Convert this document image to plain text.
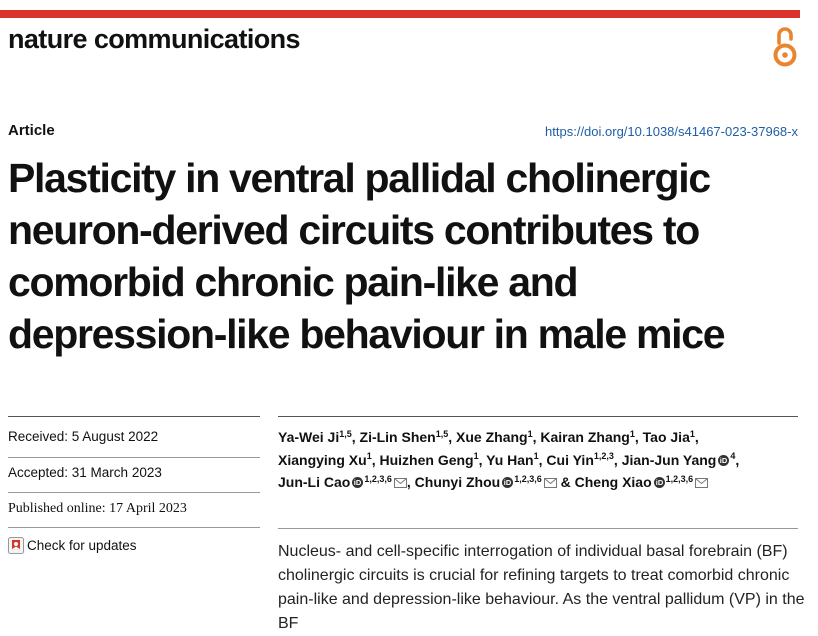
nature communications
Article	https://doi.org/10.1038/s41467-023-37968-x
Plasticity in ventral pallidal cholinergic neuron-derived circuits contributes to comorbid chronic pain-like and depression-like behaviour in male mice
Received: 5 August 2022
Accepted: 31 March 2023
Published online: 17 April 2023
Check for updates
Ya-Wei Ji$^{1,5}$, Zi-Lin Shen$^{1,5}$, Xue Zhang$^1$, Kairan Zhang$^1$, Tao Jia$^1$, Xiangying Xu$^1$, Huizhen Geng$^1$, Yu Han$^1$, Cui Yin$^{1,2,3}$, Jian-Jun Yang iD $^4$, Jun-Li Cao iD $^{1,2,3,6}$ , Chunyi Zhou iD $^{1,2,3,6}$ & Cheng Xiao iD $^{1,2,3,6}$

Nucleus- and cell-specific interrogation of individual basal forebrain (BF) cholinergic circuits is crucial for refining targets to treat comorbid chronic pain-like and depression-like behaviour. As the ventral pallidum (VP) in the BF
